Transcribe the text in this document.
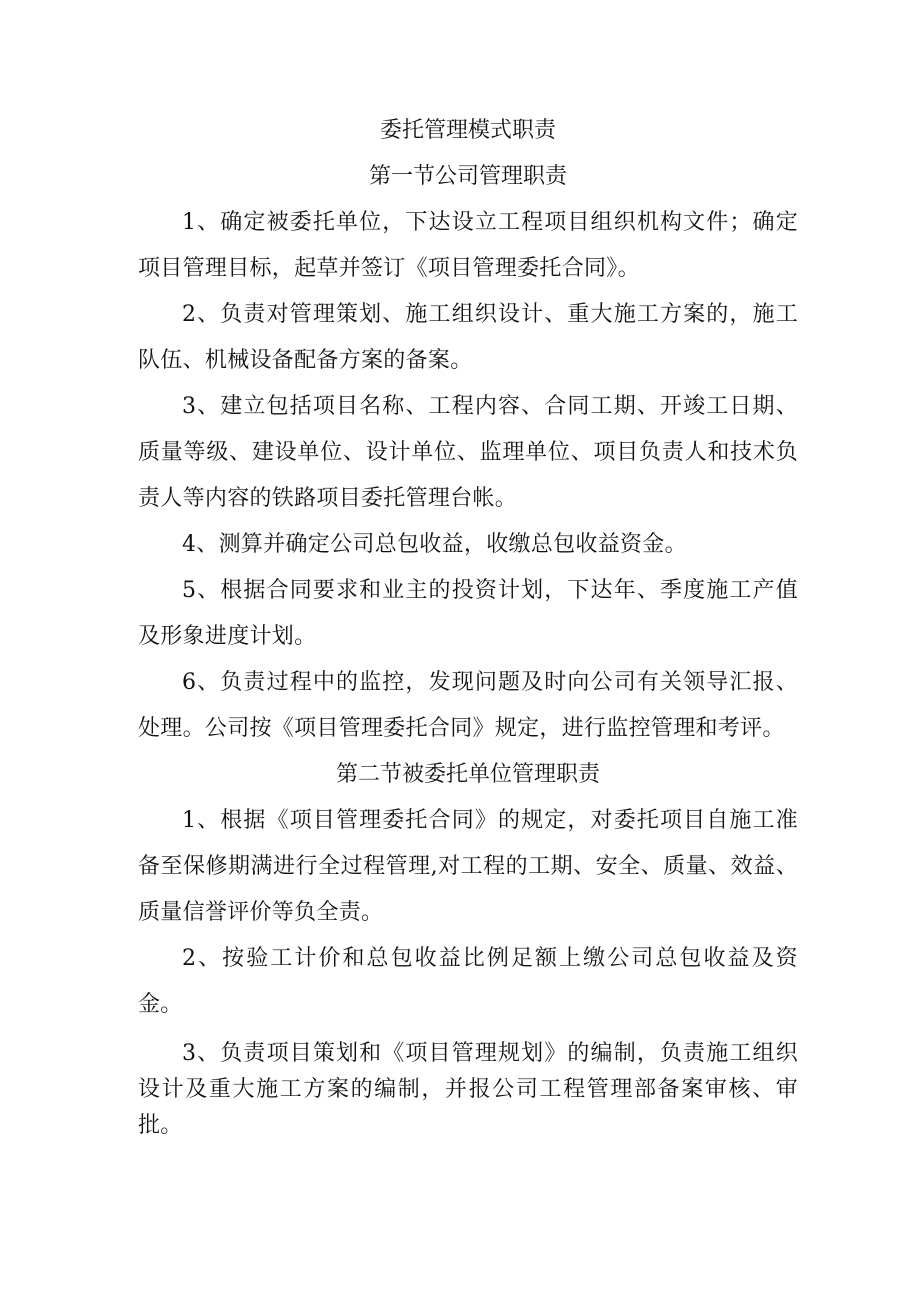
委托管理模式职责
第一节公司管理职责

1、确定被委托单位，下达设立工程项目组织机构文件；确定项目管理目标，起草并签订《项目管理委托合同》。

2、负责对管理策划、施工组织设计、重大施工方案的，施工队伍、机械设备配备方案的备案。

3、建立包括项目名称、工程内容、合同工期、开竣工日期、质量等级、建设单位、设计单位、监理单位、项目负责人和技术负责人等内容的铁路项目委托管理台帐。

4、测算并确定公司总包收益，收缴总包收益资金。

5、根据合同要求和业主的投资计划，下达年、季度施工产值及形象进度计划。

6、负责过程中的监控，发现问题及时向公司有关领导汇报、处理。公司按《项目管理委托合同》规定，进行监控管理和考评。

第二节被委托单位管理职责

1、根据《项目管理委托合同》的规定，对委托项目自施工准备至保修期满进行全过程管理,对工程的工期、安全、质量、效益、质量信誉评价等负全责。

2、按验工计价和总包收益比例足额上缴公司总包收益及资金。

3、负责项目策划和《项目管理规划》的编制，负责施工组织设计及重大施工方案的编制，并报公司工程管理部备案审核、审批。
